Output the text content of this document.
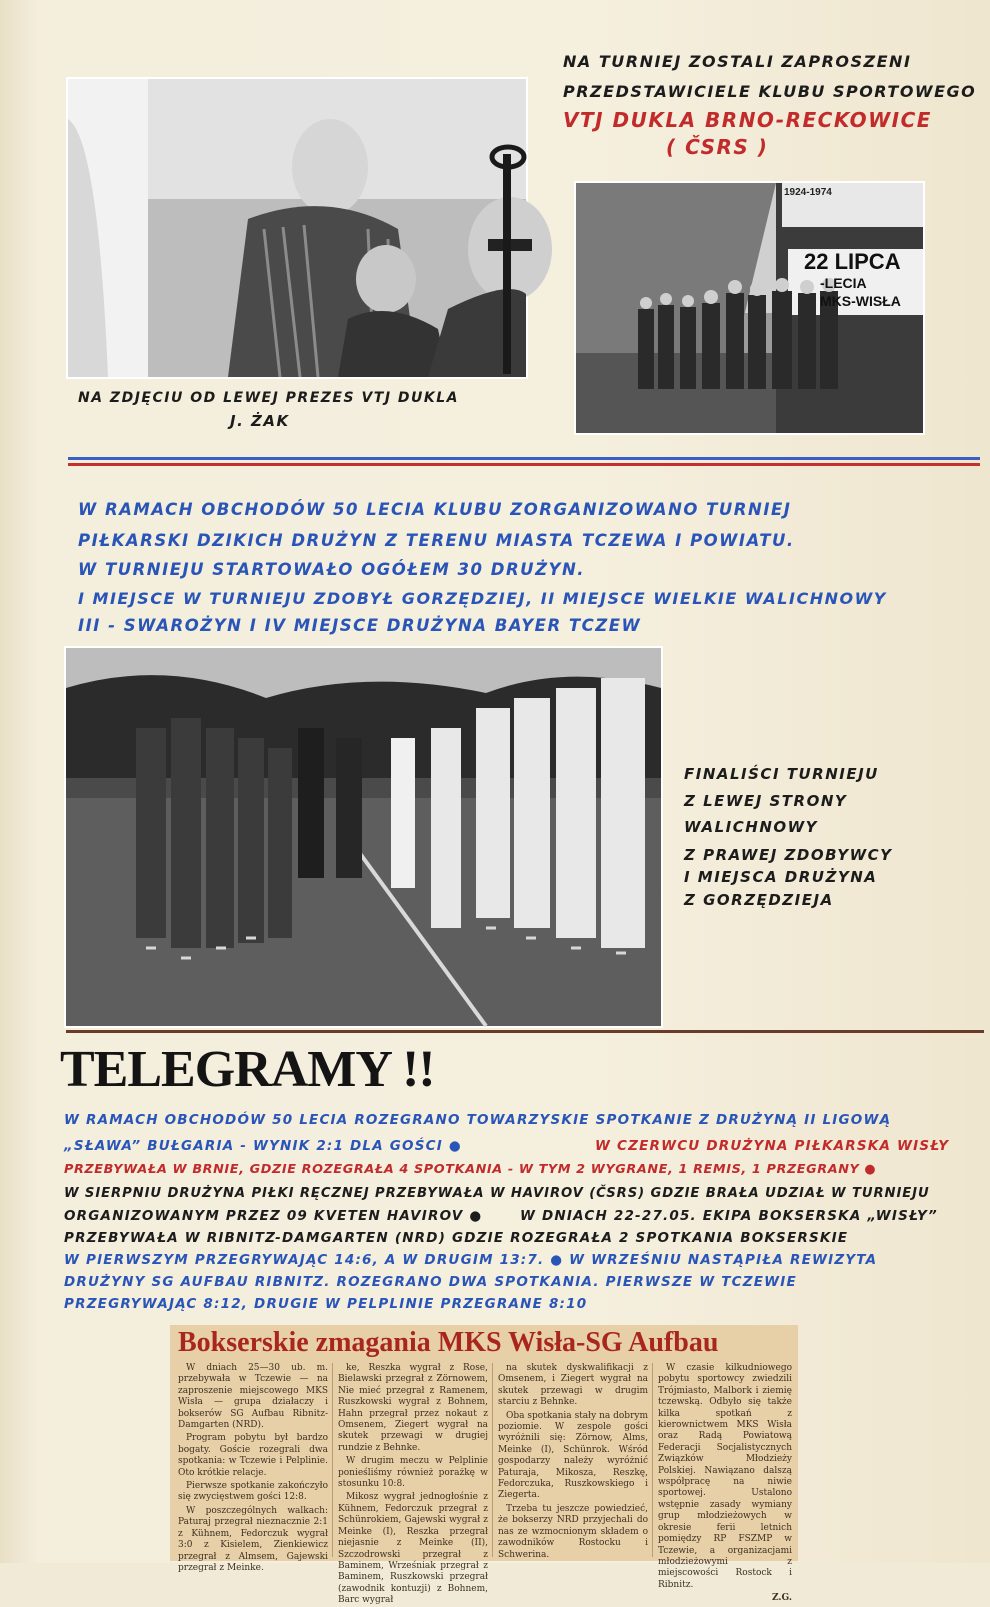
1924-1974
22 LIPCA
-LECIA
MKS-WISŁA
NA TURNIEJ ZOSTALI ZAPROSZENI
PRZEDSTAWICIELE KLUBU SPORTOWEGO
VTJ DUKLA BRNO-RECKOWICE
( ČSRS )
NA ZDJĘCIU OD LEWEJ PREZES VTJ DUKLA
J. ŻAK
W RAMACH OBCHODÓW 50 LECIA KLUBU ZORGANIZOWANO TURNIEJ
PIŁKARSKI DZIKICH DRUŻYN Z TERENU MIASTA TCZEWA I POWIATU.
W TURNIEJU STARTOWAŁO OGÓŁEM 30 DRUŻYN.
I MIEJSCE W TURNIEJU ZDOBYŁ GORZĘDZIEJ, II MIEJSCE WIELKIE WALICHNOWY
III - SWAROŻYN I IV MIEJSCE DRUŻYNA BAYER TCZEW
FINALIŚCI TURNIEJU
Z LEWEJ STRONY
WALICHNOWY
Z PRAWEJ ZDOBYWCY
I MIEJSCA DRUŻYNA
Z GORZĘDZIEJA
TELEGRAMY !!
W RAMACH OBCHODÓW 50 LECIA ROZEGRANO TOWARZYSKIE SPOTKANIE Z DRUŻYNĄ II LIGOWĄ
„SŁAWA” BUŁGARIA - WYNIK 2:1 DLA GOŚCI ●	W CZERWCU DRUŻYNA PIŁKARSKA WISŁY
PRZEBYWAŁA W BRNIE, GDZIE ROZEGRAŁA 4 SPOTKANIA - W TYM 2 WYGRANE, 1 REMIS, 1 PRZEGRANY ●
W SIERPNIU DRUŻYNA PIŁKI RĘCZNEJ PRZEBYWAŁA W HAVIROV (ČSRS) GDZIE BRAŁA UDZIAŁ W TURNIEJU
ORGANIZOWANYM PRZEZ 09 KVETEN HAVIROV ●	W DNIACH 22-27.05. EKIPA BOKSERSKA „WISŁY”
PRZEBYWAŁA W RIBNITZ-DAMGARTEN (NRD) GDZIE ROZEGRAŁA 2 SPOTKANIA BOKSERSKIE
W PIERWSZYM PRZEGRYWAJĄC 14:6, A W DRUGIM 13:7. ● W WRZEŚNIU NASTĄPIŁA REWIZYTA
DRUŻYNY SG AUFBAU RIBNITZ. ROZEGRANO DWA SPOTKANIA. PIERWSZE W TCZEWIE
PRZEGRYWAJĄC 8:12, DRUGIE W PELPLINIE PRZEGRANE 8:10
Bokserskie zmagania MKS Wisła-SG Aufbau

W dniach 25—30 ub. m. przebywała w Tczewie — na zaproszenie miejscowego MKS Wisła — grupa działaczy i bokserów SG Aufbau Ribnitz-Damgarten (NRD).

Program pobytu był bardzo bogaty. Goście rozegrali dwa spotkania: w Tczewie i Pelplinie. Oto krótkie relacje.

Pierwsze spotkanie zakończyło się zwycięstwem gości 12:8.

W poszczególnych walkach: Paturaj przegrał nieznacznie 2:1 z Kühnem, Fedorczuk wygrał 3:0 z Kisielem, Zienkiewicz przegrał z Almsem, Gajewski przegrał z Meinke.

ke, Reszka wygrał z Rose, Bielawski przegrał z Zörnowem, Nie mieć przegrał z Ramenem, Ruszkowski wygrał z Bohnem, Hahn przegrał przez nokaut z Omsenem, Ziegert wygrał na skutek przewagi w drugiej rundzie z Behnke.

W drugim meczu w Pelplinie ponieśliśmy również porażkę w stosunku 10:8.

Mikosz wygrał jednogłośnie z Kühnem, Fedorczuk przegrał z Schünrokiem, Gajewski wygrał z Meinke (I), Reszka przegrał niejasnie z Meinke (II), Szczodrowski przegrał z Baminem, Wrześniak przegrał z Baminem, Ruszkowski przegrał (zawodnik kontuzji) z Bohnem, Barc wygrał

na skutek dyskwalifikacji z Omsenem, i Ziegert wygrał na skutek przewagi w drugim starciu z Behnke.

Oba spotkania stały na dobrym poziomie. W zespole gości wyróżnili się: Zörnow, Alms, Meinke (I), Schünrok. Wśród gospodarzy należy wyróżnić Paturaja, Mikosza, Reszkę, Fedorczuka, Ruszkowskiego i Ziegerta.

Trzeba tu jeszcze powiedzieć, że bokserzy NRD przyjechali do nas ze wzmocnionym składem o zawodników Rostocku i Schwerina.

W czasie kilkudniowego pobytu sportowcy zwiedzili Trójmiasto, Malbork i ziemię tczewską. Odbyło się także kilka spotkań z kierownictwem MKS Wisła oraz Radą Powiatową Federacji Socjalistycznych Związków Młodzieży Polskiej. Nawiązano dalszą współpracę na niwie sportowej. Ustalono wstępnie zasady wymiany grup młodzieżowych w okresie ferii letnich pomiędzy RP FSZMP w Tczewie, a organizacjami młodzieżowymi z miejscowości Rostock i Ribnitz.

Z.G.
